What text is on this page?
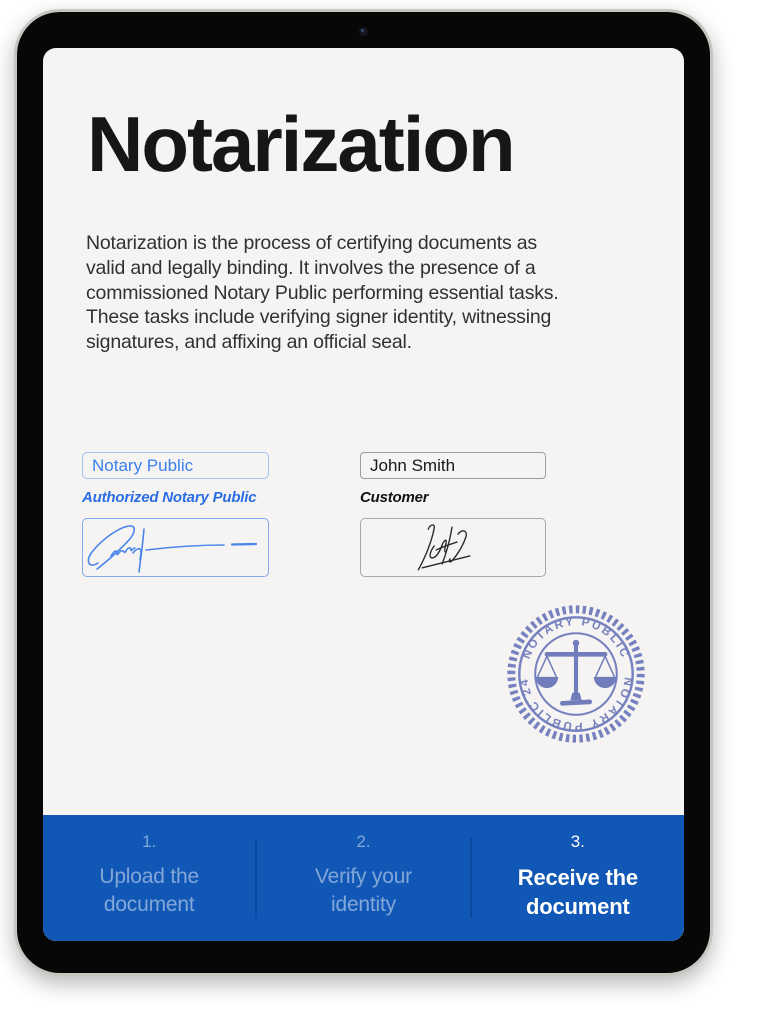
Notarization

Notarization is the process of certifying documents as valid and legally binding. It involves the presence of a commissioned Notary Public performing essential tasks. These tasks include verifying signer identity, witnessing signatures, and affixing an official seal.

Notary Public
Authorized Notary Public
John Smith	Customer
NOTARY PUBLIC
NOTARY PUBLIC 24
1.
Upload the document
2.
Verify your identity
3.
Receive the document
